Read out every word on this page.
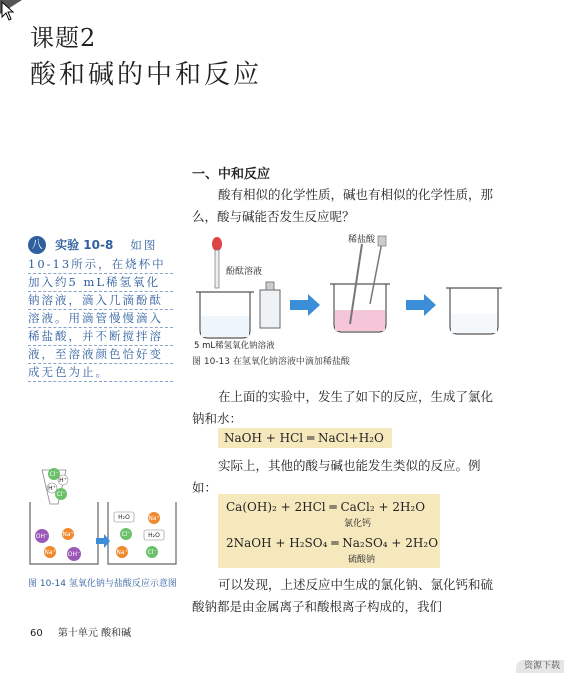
课题2
酸和碱的中和反应
一、中和反应
酸有相似的化学性质，碱也有相似的化学性质，那么，酸与碱能否发生反应呢？
八 实验 10-8 如图
10-13所示，在烧杯中
加入约5 mL稀氢氧化
钠溶液，滴入几滴酚酞
溶液。用滴管慢慢滴入
稀盐酸，并不断搅拌溶
液，至溶液颜色恰好变
成无色为止。
稀盐酸
酚酞溶液
5 mL稀氢氧化钠溶液
图 10-13 在氢氧化钠溶液中滴加稀盐酸
在上面的实验中，发生了如下的反应，生成了氯化钠和水：
NaOH + HCl ═ NaCl+H₂O
实际上，其他的酸与碱也能发生类似的反应。例如：
Ca(OH)₂ + 2HCl ═ CaCl₂ + 2H₂O
氯化钙
2NaOH + H₂SO₄ ═ Na₂SO₄ + 2H₂O
硫酸钠
Cl⁻
H⁺
H⁺
Cl⁻
OH⁻ Na⁺
Na⁺ OH⁻
H₂O	Na⁺
Cl⁻	H₂O
Na⁺	Cl⁻
图 10-14 氢氧化钠与盐酸反应示意图	可以发现，上述反应中生成的氯化钠、氯化钙和硫酸钠都是由金属离子和酸根离子构成的，我们
60 第十单元 酸和碱
资源下载
